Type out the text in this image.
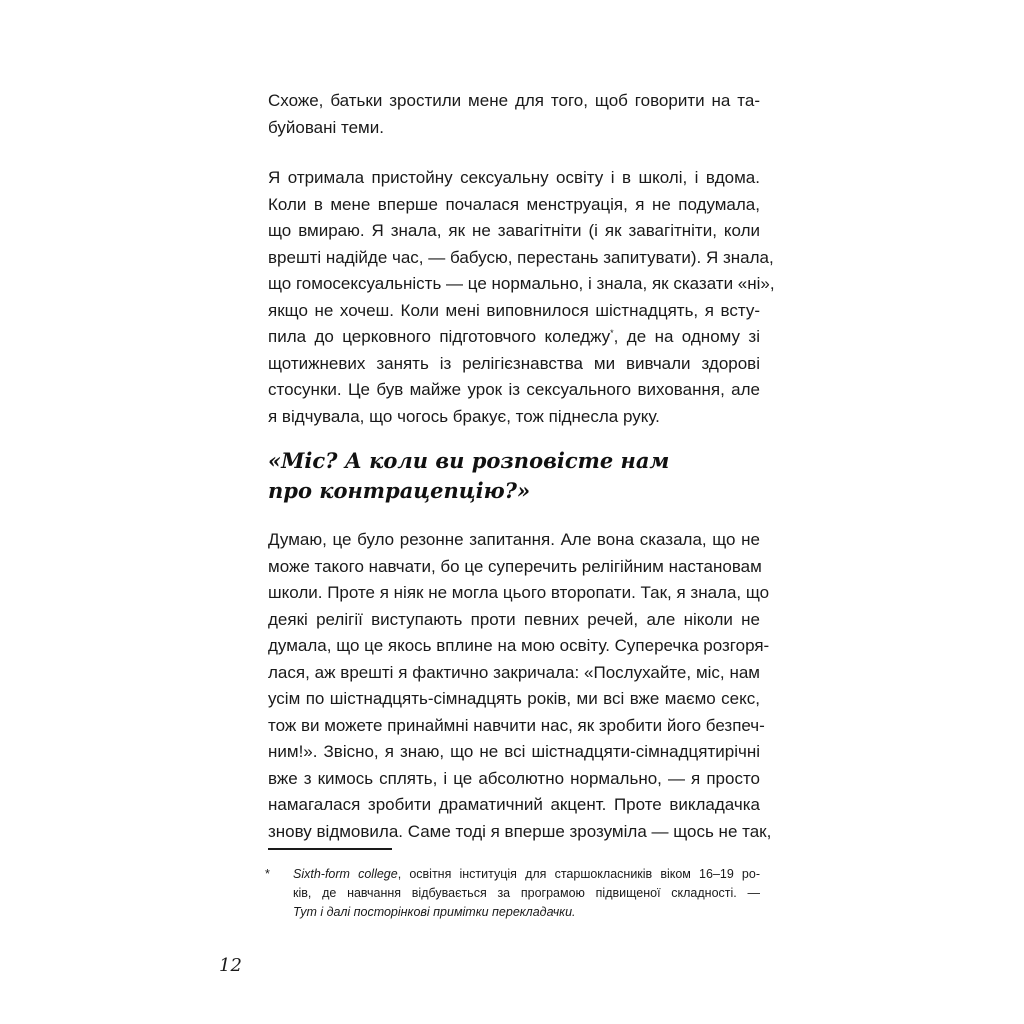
Схоже, батьки зростили мене для того, щоб говорити на та-
буйовані теми.
Я отримала пристойну сексуальну освіту і в школі, і вдома.
Коли в мене вперше почалася менструація, я не подумала,
що вмираю. Я знала, як не завагітніти (і як завагітніти, коли
врешті надійде час, — бабусю, перестань запитувати). Я знала,
що гомосексуальність — це нормально, і знала, як сказати «ні»,
якщо не хочеш. Коли мені виповнилося шістнадцять, я всту-
пила до церковного підготовчого коледжу*, де на одному зі
щотижневих занять із релігієзнавства ми вивчали здорові
стосунки. Це був майже урок із сексуального виховання, але
я відчувала, що чогось бракує, тож піднесла руку.
«Міс? А коли ви розповісте нам
про контрацепцію?»
Думаю, це було резонне запитання. Але вона сказала, що не
може такого навчати, бо це суперечить релігійним настановам
школи. Проте я ніяк не могла цього второпати. Так, я знала, що
деякі релігії виступають проти певних речей, але ніколи не
думала, що це якось вплине на мою освіту. Суперечка розгоря-
лася, аж врешті я фактично закричала: «Послухайте, міс, нам
усім по шістнадцять-сімнадцять років, ми всі вже маємо секс,
тож ви можете принаймні навчити нас, як зробити його безпеч-
ним!». Звісно, я знаю, що не всі шістнадцяти-сімнадцятирічні
вже з кимось сплять, і це абсолютно нормально, — я просто
намагалася зробити драматичний акцент. Проте викладачка
знову відмовила. Саме тоді я вперше зрозуміла — щось не так,
* Sixth-form college, освітня інституція для старшокласників віком 16–19 ро-
ків, де навчання відбувається за програмою підвищеної складності. —
Тут і далі посторінкові примітки перекладачки.
12
